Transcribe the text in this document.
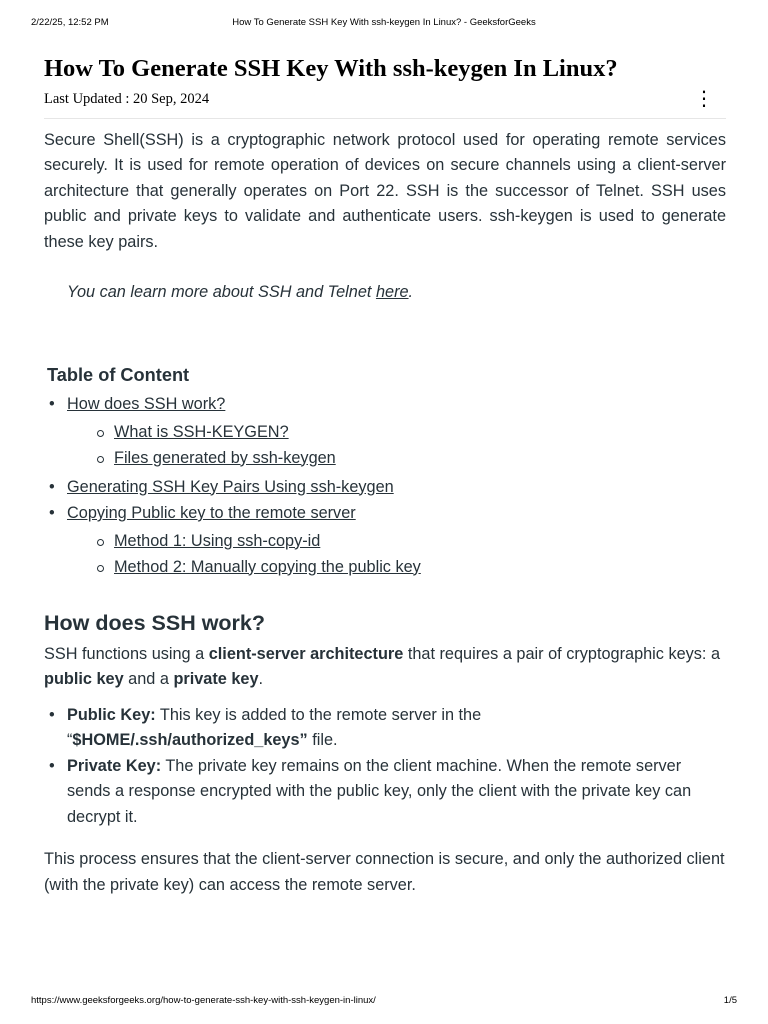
2/22/25, 12:52 PM	How To Generate SSH Key With ssh-keygen In Linux? - GeeksforGeeks
How To Generate SSH Key With ssh-keygen In Linux?
Last Updated : 20 Sep, 2024	⋮

Secure Shell(SSH) is a cryptographic network protocol used for operating remote services securely. It is used for remote operation of devices on secure channels using a client-server architecture that generally operates on Port 22. SSH is the successor of Telnet. SSH uses public and private keys to validate and authenticate users. ssh-keygen is used to generate these key pairs.

You can learn more about SSH and Telnet here.
Table of Content
• How does SSH work?
What is SSH-KEYGEN?
Files generated by ssh-keygen
• Generating SSH Key Pairs Using ssh-keygen
• Copying Public key to the remote server
Method 1: Using ssh-copy-id
Method 2: Manually copying the public key
How does SSH work?

SSH functions using a client-server architecture that requires a pair of cryptographic keys: a public key and a private key.

• Public Key: This key is added to the remote server in the “$HOME/.ssh/authorized_keys” file.
• Private Key: The private key remains on the client machine. When the remote server sends a response encrypted with the public key, only the client with the private key can decrypt it.

This process ensures that the client-server connection is secure, and only the authorized client (with the private key) can access the remote server.

https://www.geeksforgeeks.org/how-to-generate-ssh-key-with-ssh-keygen-in-linux/	1/5
